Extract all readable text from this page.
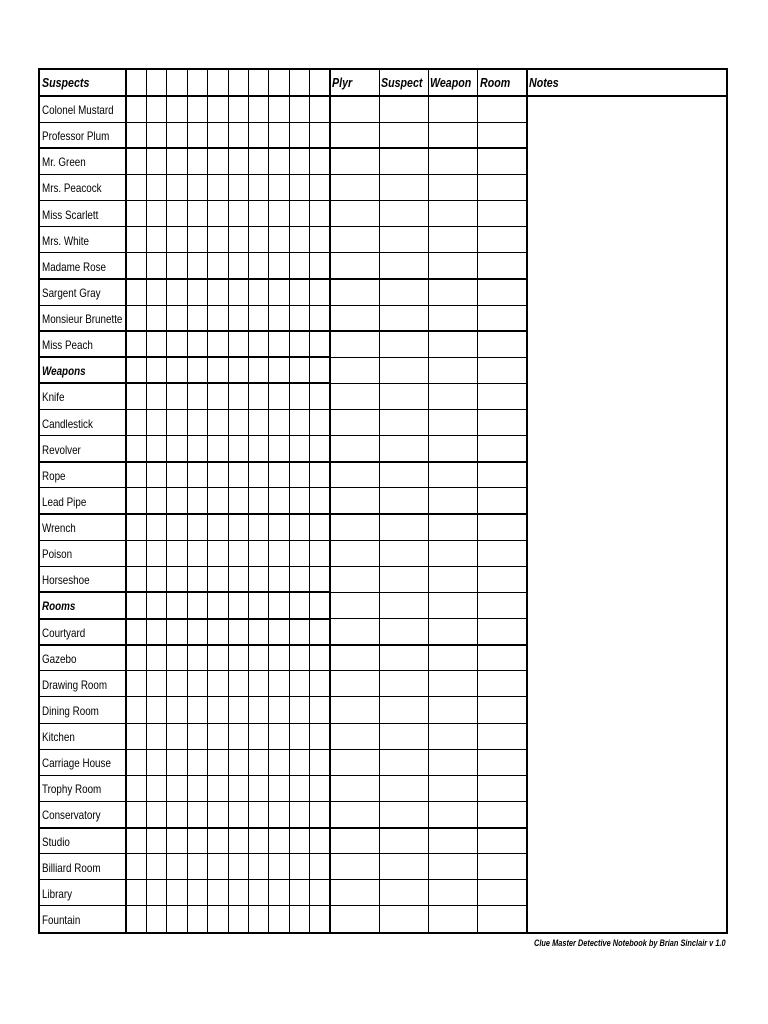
Suspects	Plyr Suspect Weapon Room Notes
Colonel Mustard
Professor Plum
Mr. Green
Mrs. Peacock
Miss Scarlett
Mrs. White
Madame Rose
Sargent Gray
Monsieur Brunette
Miss Peach
Weapons
Knife
Candlestick
Revolver
Rope
Lead Pipe
Wrench
Poison
Horseshoe
Rooms
Courtyard
Gazebo
Drawing Room
Dining Room
Kitchen
Carriage House
Trophy Room
Conservatory
Studio
Billiard Room
Library
Fountain
Clue Master Detective Notebook by Brian Sinclair v 1.0
